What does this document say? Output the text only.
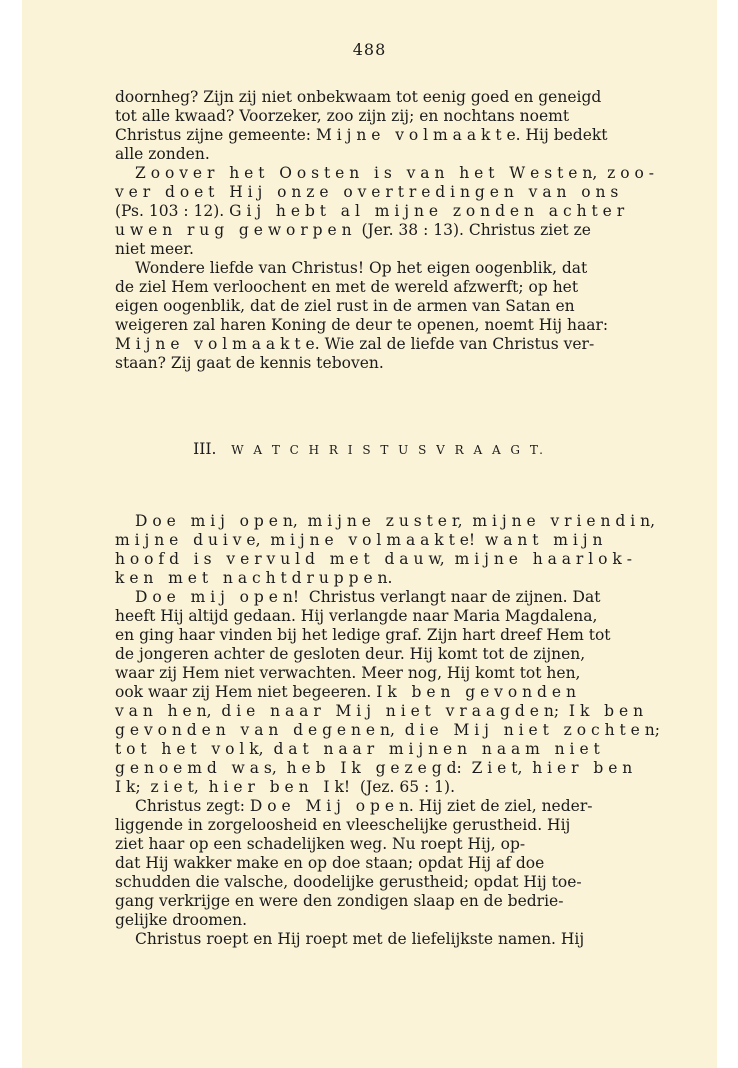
488
doornheg? Zijn zij niet onbekwaam tot eenig goed en geneigd
tot alle kwaad? Voorzeker, zoo zijn zij; en nochtans noemt
Christus zijne gemeente: M i j n e   v o l m a a k t e. Hij bedekt
alle zonden.
Z o o v e r   h e t   O o s t e n   i s   v a n   h e t   W e s t e n,  z o o -
v e r   d o e t   H i j   o n z e   o v e r t r e d i n g e n   v a n   o n s
(Ps. 103 : 12). G i j   h e b t   a l   m i j n e   z o n d e n   a c h t e r
u w e n   r u g   g e w o r p e n  (Jer. 38 : 13). Christus ziet ze
niet meer.
Wondere liefde van Christus! Op het eigen oogenblik, dat
de ziel Hem verloochent en met de wereld afzwerft; op het
eigen oogenblik, dat de ziel rust in de armen van Satan en
weigeren zal haren Koning de deur te openen, noemt Hij haar:
M i j n e   v o l m a a k t e. Wie zal de liefde van Christus ver-
staan? Zij gaat de kennis teboven.
III. W A T C H R I S T U S V R A A G T.
D o e   m i j   o p e n,  m i j n e   z u s t e r,  m i j n e   v r i e n d i n,
m i j n e   d u i v e,  m i j n e   v o l m a a k t e!  w a n t   m i j n
h o o f d   i s   v e r v u l d   m e t   d a u w,  m i j n e   h a a r l o k -
k e n   m e t   n a c h t d r u p p e n.
D o e   m i j   o p e n!  Christus verlangt naar de zijnen. Dat
heeft Hij altijd gedaan. Hij verlangde naar Maria Magdalena,
en ging haar vinden bij het ledige graf. Zijn hart dreef Hem tot
de jongeren achter de gesloten deur. Hij komt tot de zijnen,
waar zij Hem niet verwachten. Meer nog, Hij komt tot hen,
ook waar zij Hem niet begeeren. I k   b e n   g e v o n d e n
v a n   h e n,  d i e   n a a r   M i j   n i e t   v r a a g d e n;  I k   b e n
g e v o n d e n   v a n   d e g e n e n,  d i e   M i j   n i e t   z o c h t e n;
t o t   h e t   v o l k,  d a t   n a a r   m i j n e n   n a a m   n i e t
g e n o e m d   w a s,  h e b   I k   g e z e g d:  Z i e t,  h i e r   b e n
I k;  z i e t,  h i e r   b e n   I k!  (Jez. 65 : 1).
Christus zegt: D o e   M i j   o p e n. Hij ziet de ziel, neder-
liggende in zorgeloosheid en vleeschelijke gerustheid. Hij
ziet haar op een schadelijken weg. Nu roept Hij, op-
dat Hij wakker make en op doe staan; opdat Hij af doe
schudden die valsche, doodelijke gerustheid; opdat Hij toe-
gang verkrijge en were den zondigen slaap en de bedrie-
gelijke droomen.
Christus roept en Hij roept met de liefelijkste namen. Hij
